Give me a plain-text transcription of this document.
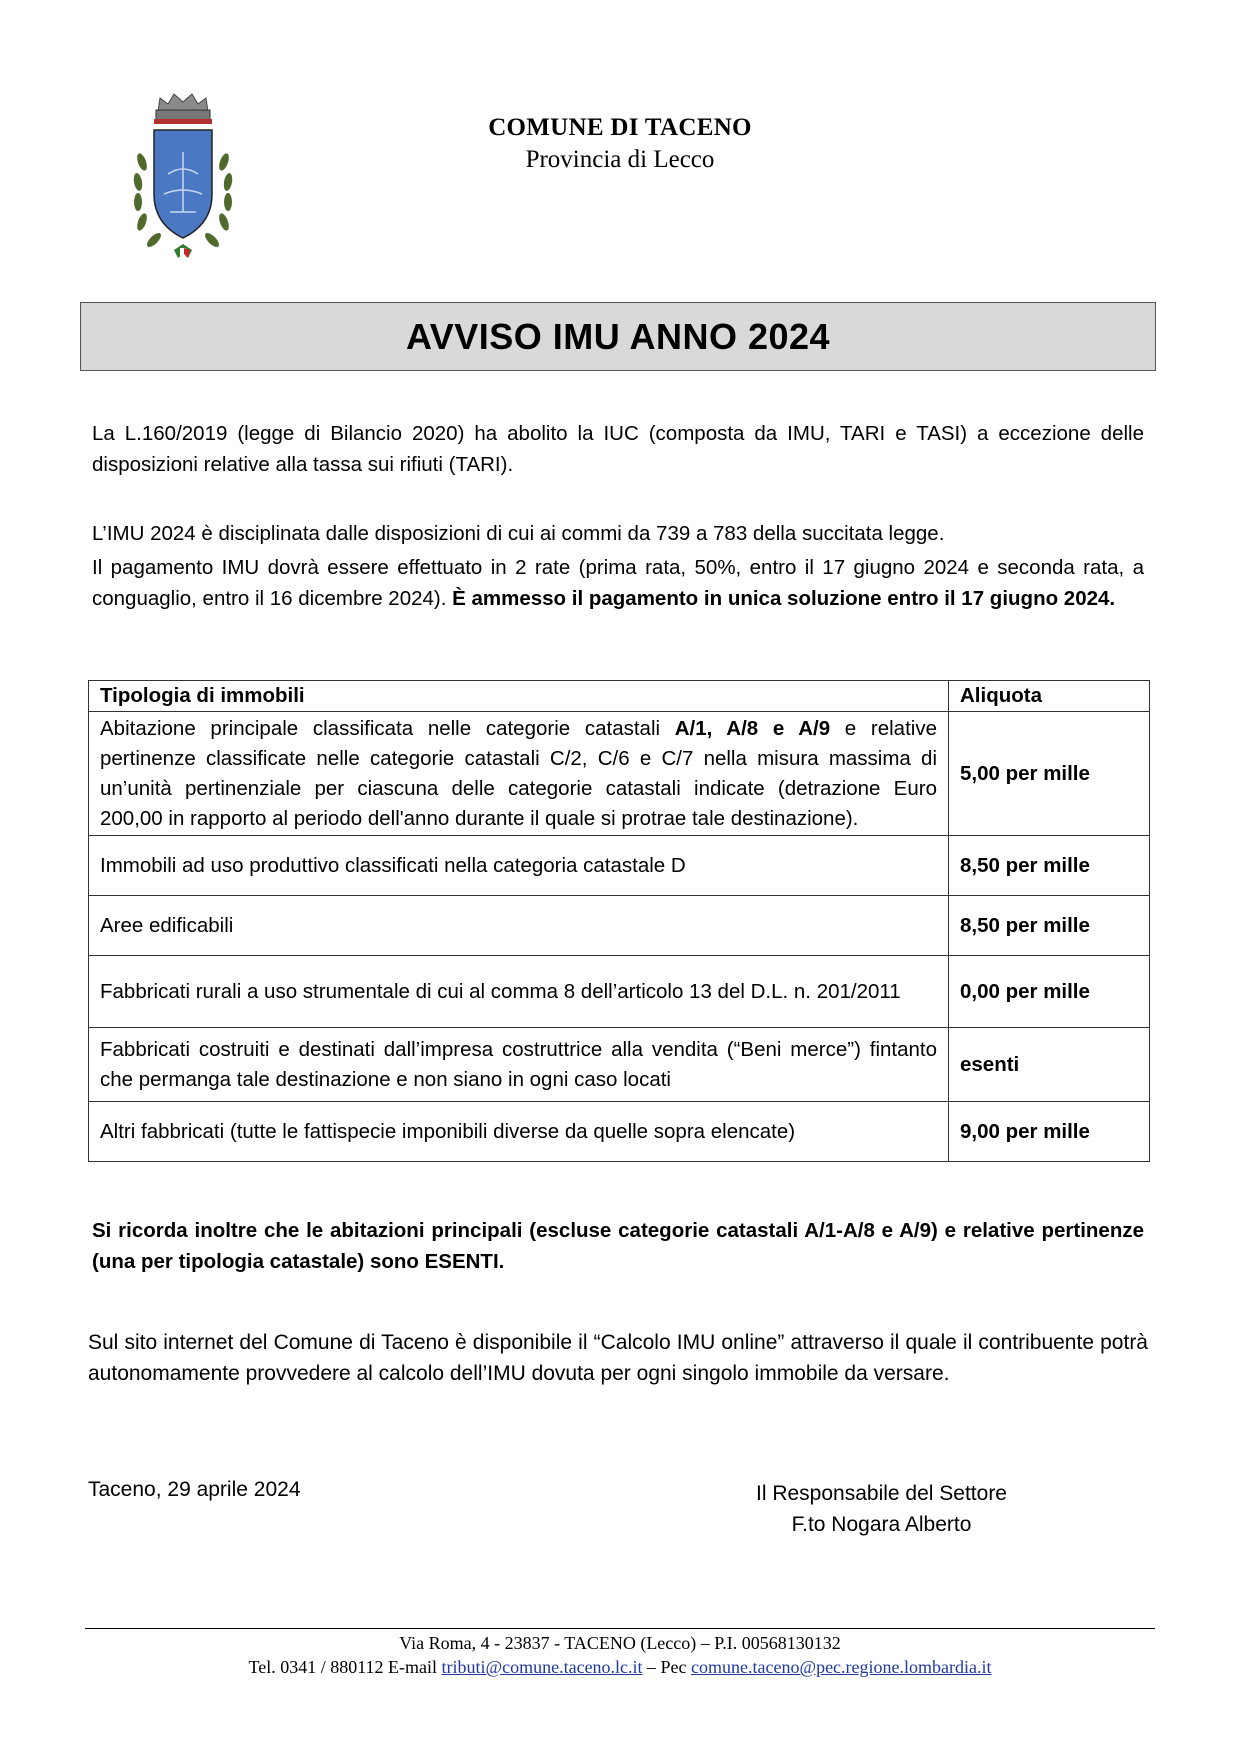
COMUNE DI TACENO
Provincia di Lecco
AVVISO IMU ANNO 2024
La L.160/2019 (legge di Bilancio 2020) ha abolito la IUC (composta da IMU, TARI e TASI) a eccezione delle disposizioni relative alla tassa sui rifiuti (TARI).
L’IMU 2024 è disciplinata dalle disposizioni di cui ai commi da 739 a 783 della succitata legge.
Il pagamento IMU dovrà essere effettuato in 2 rate (prima rata, 50%, entro il 17 giugno 2024 e seconda rata, a conguaglio, entro il 16 dicembre 2024). È ammesso il pagamento in unica soluzione entro il 17 giugno 2024.
Tipologia di immobili	Aliquota
Abitazione principale classificata nelle categorie catastali A/1, A/8 e A/9 e relative pertinenze classificate nelle categorie catastali C/2, C/6 e C/7 nella misura massima di un’unità pertinenziale per ciascuna delle categorie catastali indicate (detrazione Euro 200,00 in rapporto al periodo dell'anno durante il quale si protrae tale destinazione).	5,00 per mille
Immobili ad uso produttivo classificati nella categoria catastale D	8,50 per mille
Aree edificabili	8,50 per mille
Fabbricati rurali a uso strumentale di cui al comma 8 dell’articolo 13 del D.L. n. 201/2011	0,00 per mille
Fabbricati costruiti e destinati dall’impresa costruttrice alla vendita (“Beni merce”) fintanto che permanga tale destinazione e non siano in ogni caso locati	esenti
Altri fabbricati (tutte le fattispecie imponibili diverse da quelle sopra elencate)	9,00 per mille
Si ricorda inoltre che le abitazioni principali (escluse categorie catastali A/1-A/8 e A/9) e relative pertinenze (una per tipologia catastale) sono ESENTI.
Sul sito internet del Comune di Taceno è disponibile il “Calcolo IMU online” attraverso il quale il contribuente potrà autonomamente provvedere al calcolo dell’IMU dovuta per ogni singolo immobile da versare.
Taceno, 29 aprile 2024	Il Responsabile del Settore
F.to Nogara Alberto
Via Roma, 4 - 23837 - TACENO (Lecco) – P.I. 00568130132
Tel. 0341 / 880112 E-mail tributi@comune.taceno.lc.it – Pec comune.taceno@pec.regione.lombardia.it
